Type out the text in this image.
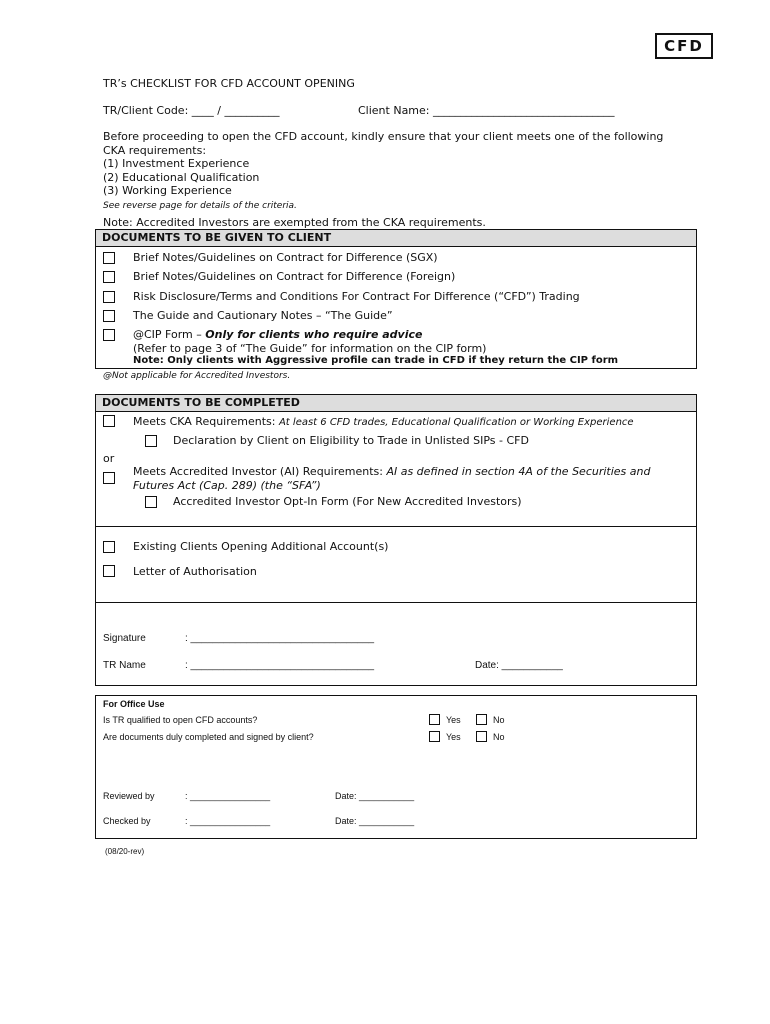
CFD
TR’s CHECKLIST FOR CFD ACCOUNT OPENING
TR/Client Code: ____ / __________	Client Name: _________________________________
Before proceeding to open the CFD account, kindly ensure that your client meets one of the following
CKA requirements:
(1) Investment Experience
(2) Educational Qualification
(3) Working Experience
See reverse page for details of the criteria.
Note: Accredited Investors are exempted from the CKA requirements.
DOCUMENTS TO BE GIVEN TO CLIENT
Brief Notes/Guidelines on Contract for Difference (SGX)
Brief Notes/Guidelines on Contract for Difference (Foreign)
Risk Disclosure/Terms and Conditions For Contract For Difference (“CFD”) Trading
The Guide and Cautionary Notes – “The Guide”
@CIP Form – Only for clients who require advice
(Refer to page 3 of “The Guide” for information on the CIP form)
Note: Only clients with Aggressive profile can trade in CFD if they return the CIP form
@Not applicable for Accredited Investors.
DOCUMENTS TO BE COMPLETED
Meets CKA Requirements: At least 6 CFD trades, Educational Qualification or Working Experience
Declaration by Client on Eligibility to Trade in Unlisted SIPs - CFD
or
Meets Accredited Investor (AI) Requirements: AI as defined in section 4A of the Securities and
Futures Act (Cap. 289) (the “SFA”)
Accredited Investor Opt-In Form (For New Accredited Investors)
Existing Clients Opening Additional Account(s)
Letter of Authorisation
Signature	: _________________________________
TR Name	: _________________________________	Date: ___________
For Office Use
Is TR qualified to open CFD accounts?	Yes	No
Are documents duly completed and signed by client?	Yes	No
Reviewed by	: ________________	Date: ___________
Checked by	: ________________	Date: ___________
(08/20-rev)
